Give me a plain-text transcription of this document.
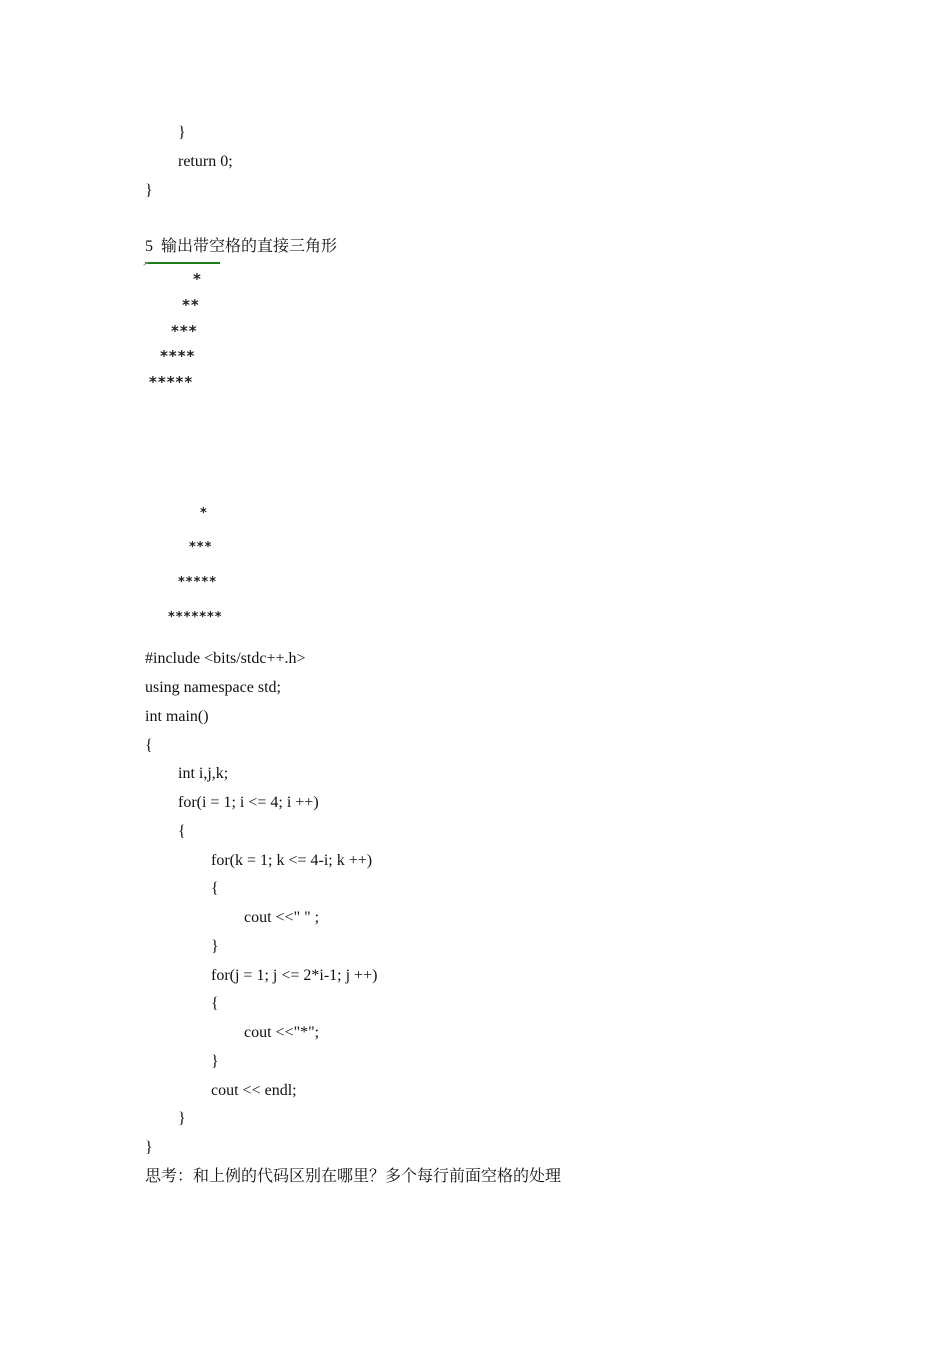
}
return 0;
}
5  输出带空格的直接三角形
*
**
***
****
*****
*
***
*****
*******
#include <bits/stdc++.h>
using namespace std;
int main()
{
int i,j,k;
for(i = 1; i <= 4; i ++)
{
for(k = 1; k <= 4-i; k ++)
{
cout <<" " ;
}
for(j = 1; j <= 2*i-1; j ++)
{
cout <<"*";
}
cout << endl;
}
}
思考：和上例的代码区别在哪里？多个每行前面空格的处理
